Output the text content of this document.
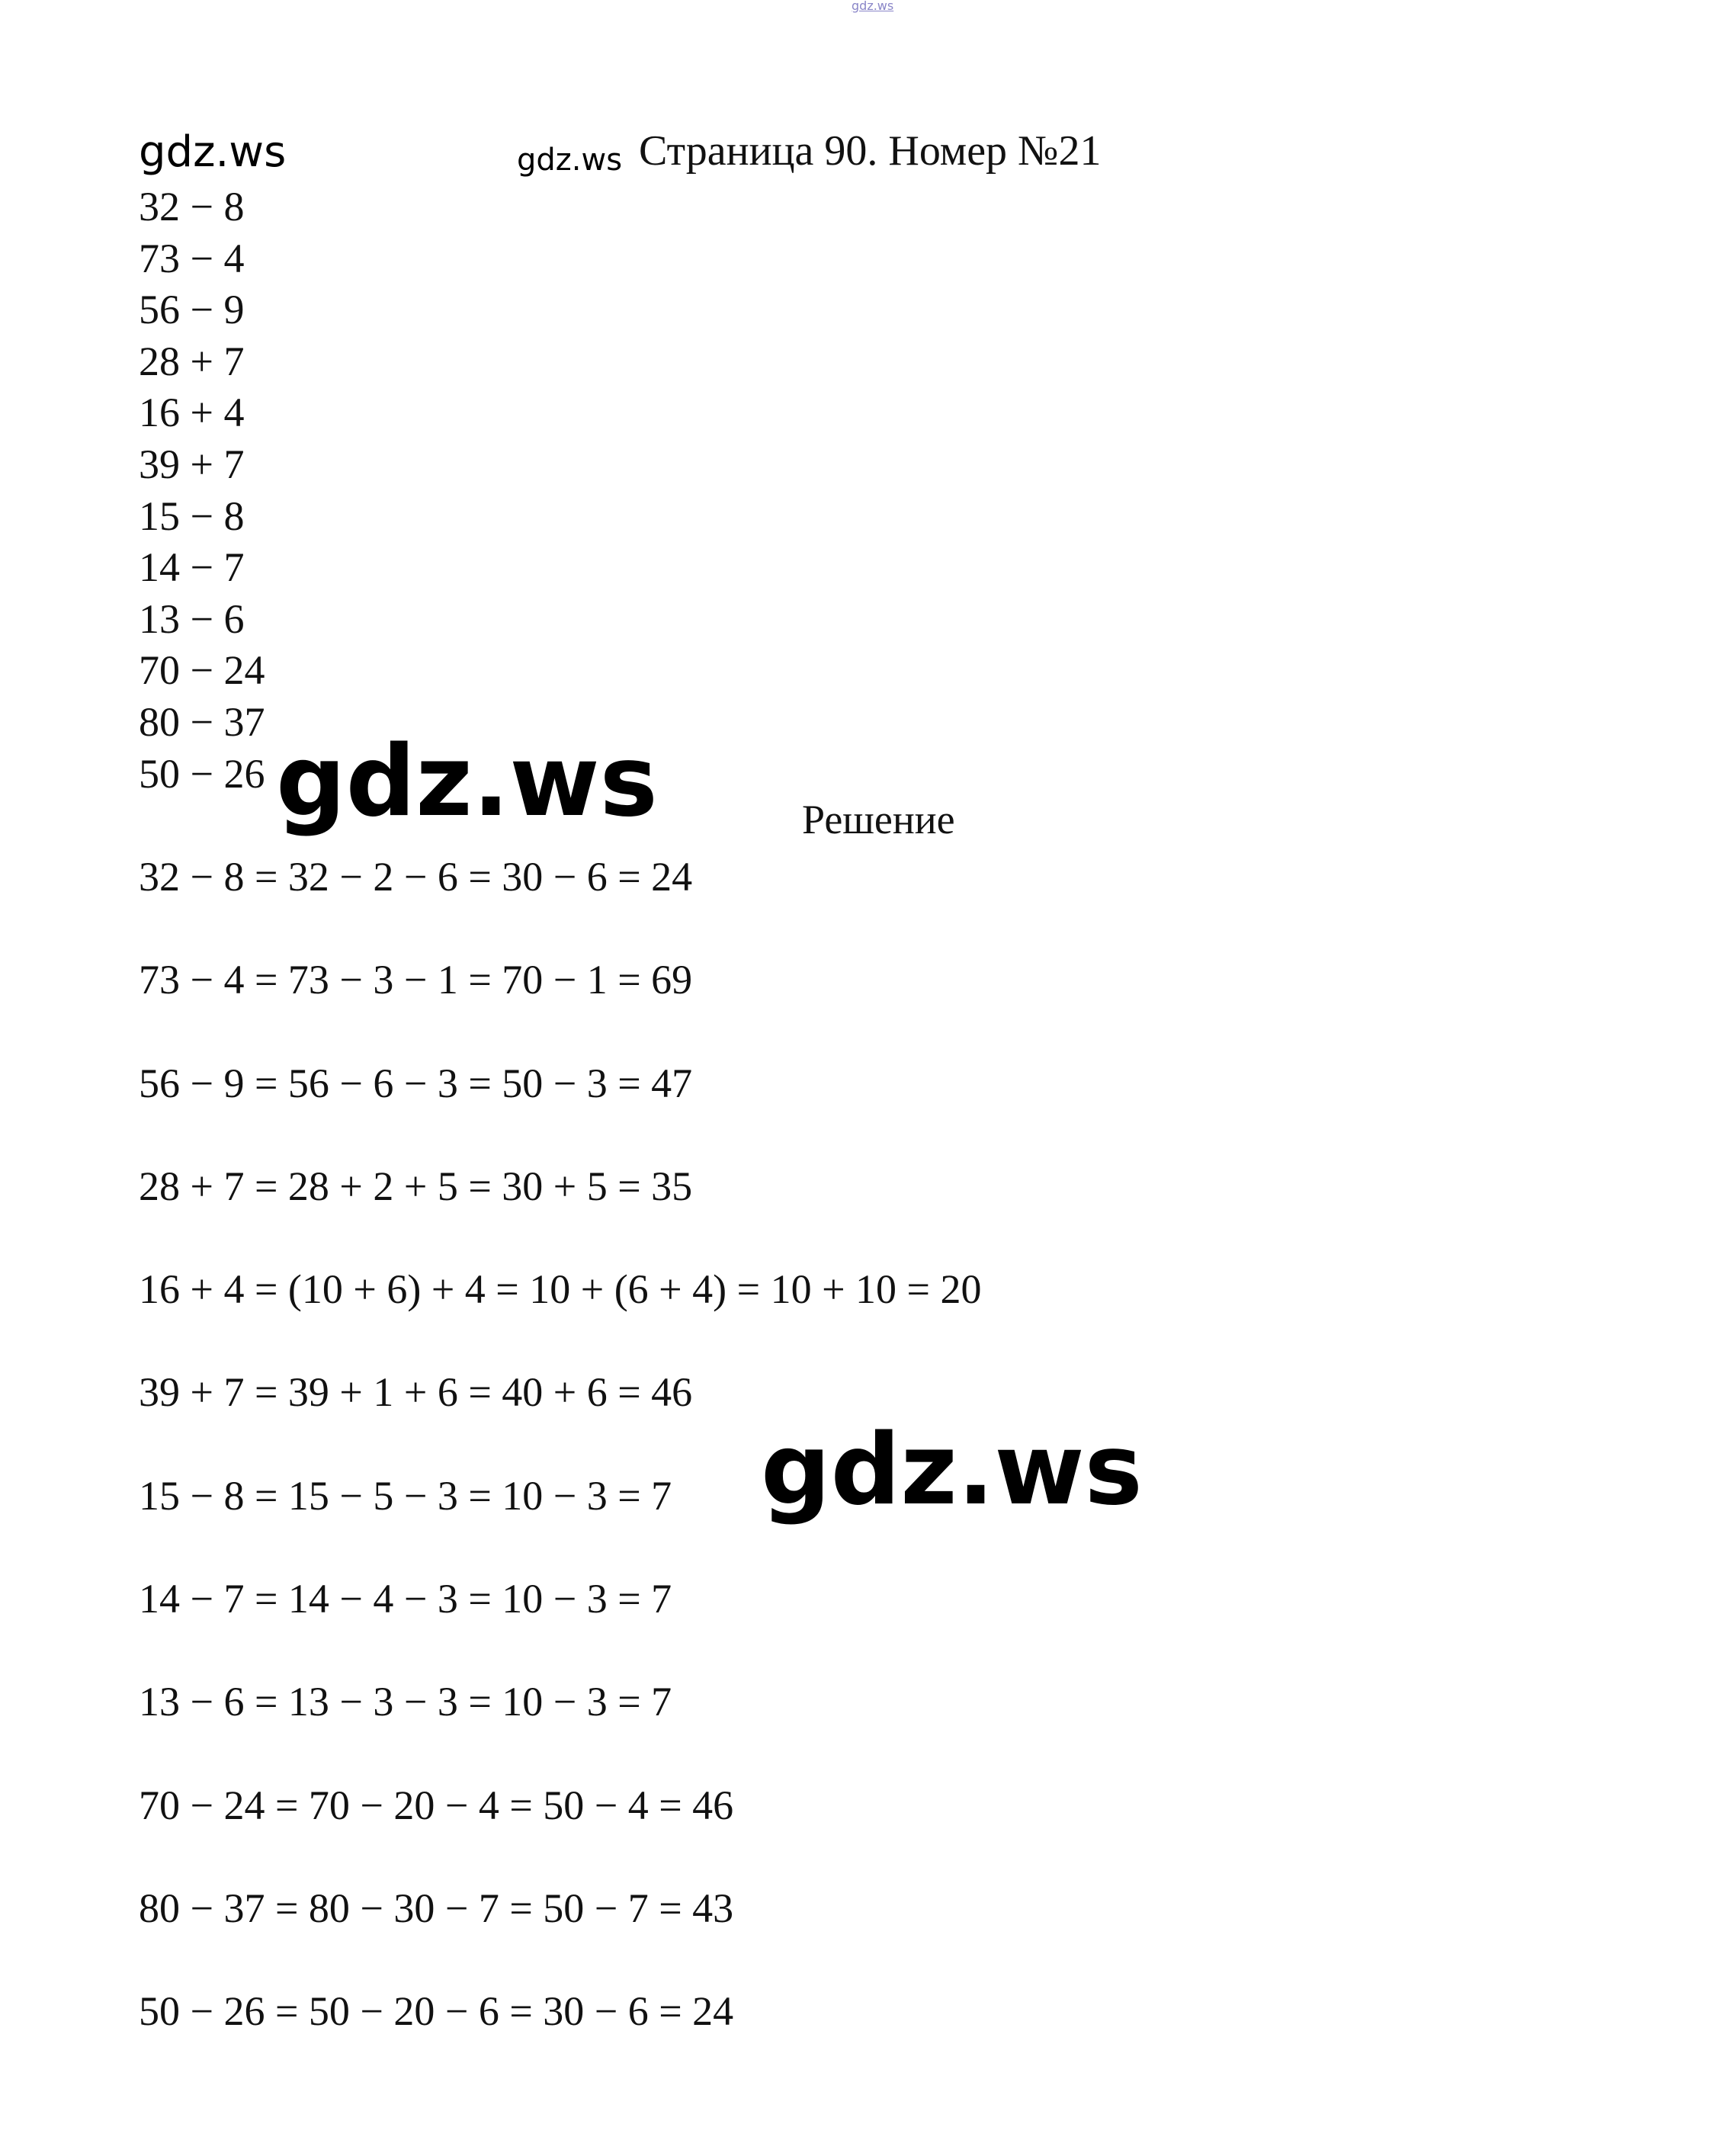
gdz.ws
gdz.ws	gdz.ws Страница 90. Номер №21
32 − 8
73 − 4
56 − 9
28 + 7
16 + 4
39 + 7
15 − 8
14 − 7
13 − 6
70 − 24
80 − 37
50 − 26 gdz.ws	Решение
32 − 8 = 32 − 2 − 6 = 30 − 6 = 24
73 − 4 = 73 − 3 − 1 = 70 − 1 = 69
56 − 9 = 56 − 6 − 3 = 50 − 3 = 47
28 + 7 = 28 + 2 + 5 = 30 + 5 = 35
16 + 4 = (10 + 6) + 4 = 10 + (6 + 4) = 10 + 10 = 20
39 + 7 = 39 + 1 + 6 = 40 + 6 = 46
15 − 8 = 15 − 5 − 3 = 10 − 3 = 7
14 − 7 = 14 − 4 − 3 = 10 − 3 = 7
13 − 6 = 13 − 3 − 3 = 10 − 3 = 7
70 − 24 = 70 − 20 − 4 = 50 − 4 = 46
80 − 37 = 80 − 30 − 7 = 50 − 7 = 43
50 − 26 = 50 − 20 − 6 = 30 − 6 = 24
gdz.ws
